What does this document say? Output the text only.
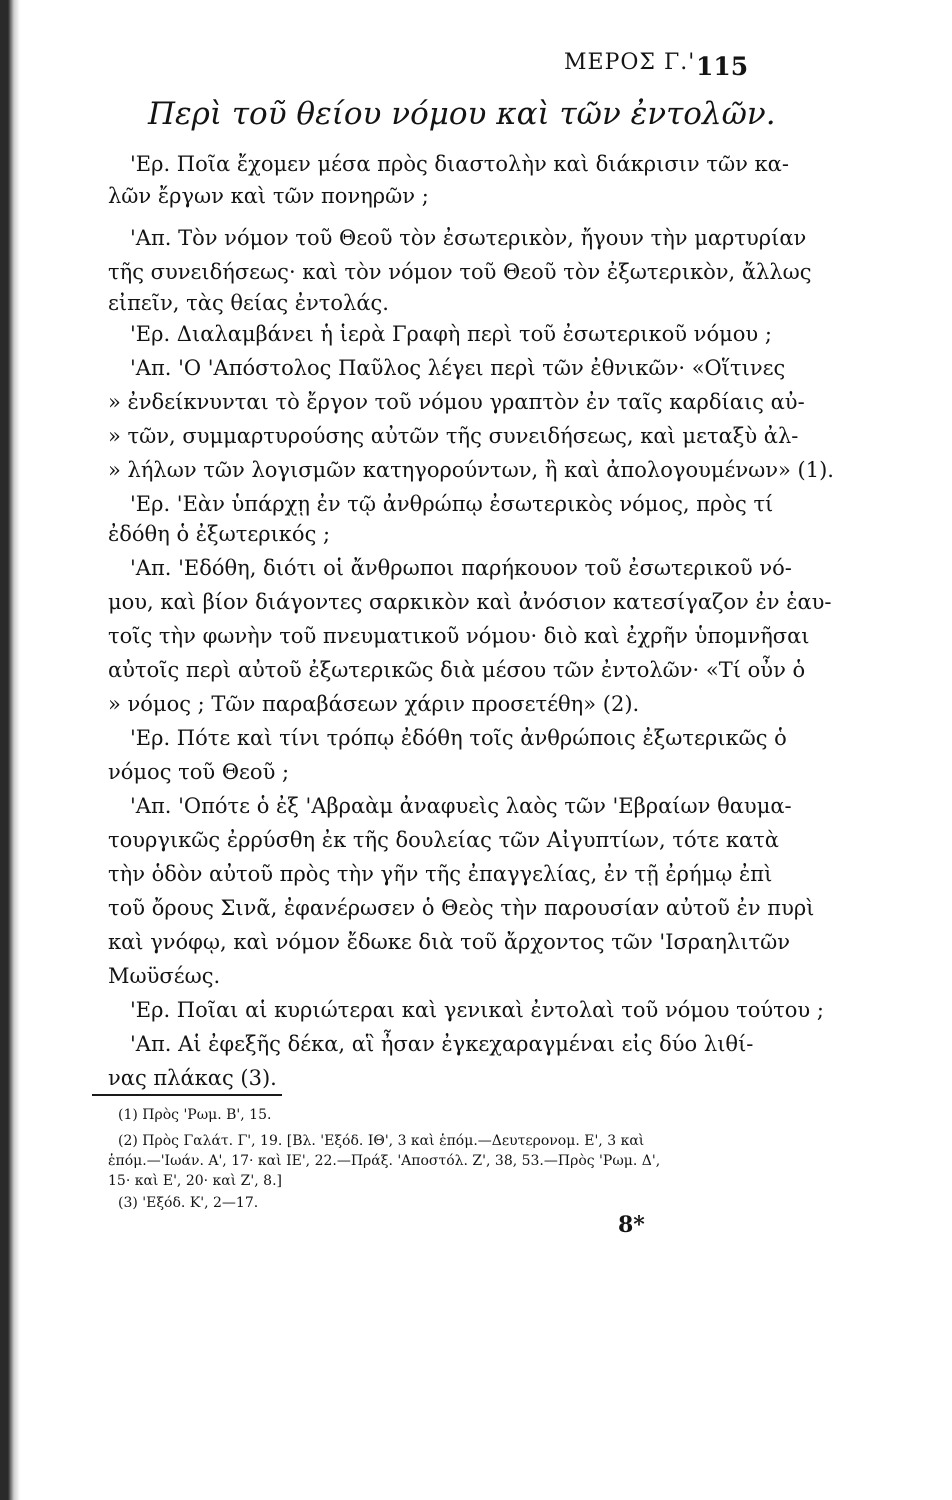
ΜΕΡΟΣ Γ.' 115
Περὶ τοῦ θείου νόμου καὶ τῶν ἐντολῶν.
'Ερ. Ποῖα ἔχομεν μέσα πρὸς διαστολὴν καὶ διάκρισιν τῶν κα-
λῶν ἔργων καὶ τῶν πονηρῶν ;
'Απ. Τὸν νόμον τοῦ Θεοῦ τὸν ἐσωτερικὸν, ἤγουν τὴν μαρτυρίαν
τῆς συνειδήσεως· καὶ τὸν νόμον τοῦ Θεοῦ τὸν ἐξωτερικὸν, ἄλλως
εἰπεῖν, τὰς θείας ἐντολάς.
'Ερ. Διαλαμβάνει ἡ ἱερὰ Γραφὴ περὶ τοῦ ἐσωτερικοῦ νόμου ;
'Απ. 'Ο 'Απόστολος Παῦλος λέγει περὶ τῶν ἐθνικῶν· «Οἵτινες
» ἐνδείκνυνται τὸ ἔργον τοῦ νόμου γραπτὸν ἐν ταῖς καρδίαις αὐ-
» τῶν, συμμαρτυρούσης αὐτῶν τῆς συνειδήσεως, καὶ μεταξὺ ἀλ-
» λήλων τῶν λογισμῶν κατηγορούντων, ἢ καὶ ἀπολογουμένων» (1).
'Ερ. 'Εὰν ὑπάρχῃ ἐν τῷ ἀνθρώπῳ ἐσωτερικὸς νόμος, πρὸς τί
ἐδόθη ὁ ἐξωτερικός ;
'Απ. 'Εδόθη, διότι οἱ ἄνθρωποι παρήκουον τοῦ ἐσωτερικοῦ νό-
μου, καὶ βίον διάγοντες σαρκικὸν καὶ ἀνόσιον κατεσίγαζον ἐν ἑαυ-
τοῖς τὴν φωνὴν τοῦ πνευματικοῦ νόμου· διὸ καὶ ἐχρῆν ὑπομνῆσαι
αὐτοῖς περὶ αὐτοῦ ἐξωτερικῶς διὰ μέσου τῶν ἐντολῶν· «Τί οὖν ὁ
» νόμος ; Τῶν παραβάσεων χάριν προσετέθη» (2).
'Ερ. Πότε καὶ τίνι τρόπῳ ἐδόθη τοῖς ἀνθρώποις ἐξωτερικῶς ὁ
νόμος τοῦ Θεοῦ ;
'Απ. 'Οπότε ὁ ἐξ 'Αβραὰμ ἀναφυεὶς λαὸς τῶν 'Εβραίων θαυμα-
τουργικῶς ἐρρύσθη ἐκ τῆς δουλείας τῶν Αἰγυπτίων, τότε κατὰ
τὴν ὁδὸν αὐτοῦ πρὸς τὴν γῆν τῆς ἐπαγγελίας, ἐν τῇ ἐρήμῳ ἐπὶ
τοῦ ὄρους Σινᾶ, ἐφανέρωσεν ὁ Θεὸς τὴν παρουσίαν αὐτοῦ ἐν πυρὶ
καὶ γνόφῳ, καὶ νόμον ἔδωκε διὰ τοῦ ἄρχοντος τῶν 'Ισραηλιτῶν
Μωϋσέως.
'Ερ. Ποῖαι αἱ κυριώτεραι καὶ γενικαὶ ἐντολαὶ τοῦ νόμου τούτου ;
'Απ. Αἱ ἐφεξῆς δέκα, αἳ ἦσαν ἐγκεχαραγμέναι εἰς δύο λιθί-
νας πλάκας (3).
(1) Πρὸς 'Ρωμ. Β', 15.
(2) Πρὸς Γαλάτ. Γ', 19. [Βλ. 'Εξόδ. ΙΘ', 3 καὶ ἑπόμ.—Δευτερονομ. Ε', 3 καὶ
ἑπόμ.—'Ιωάν. Α', 17· καὶ ΙΕ', 22.—Πράξ. 'Αποστόλ. Ζ', 38, 53.—Πρὸς 'Ρωμ. Δ',
15· καὶ Ε', 20· καὶ Ζ', 8.]
(3) 'Εξόδ. Κ', 2—17.
8*
